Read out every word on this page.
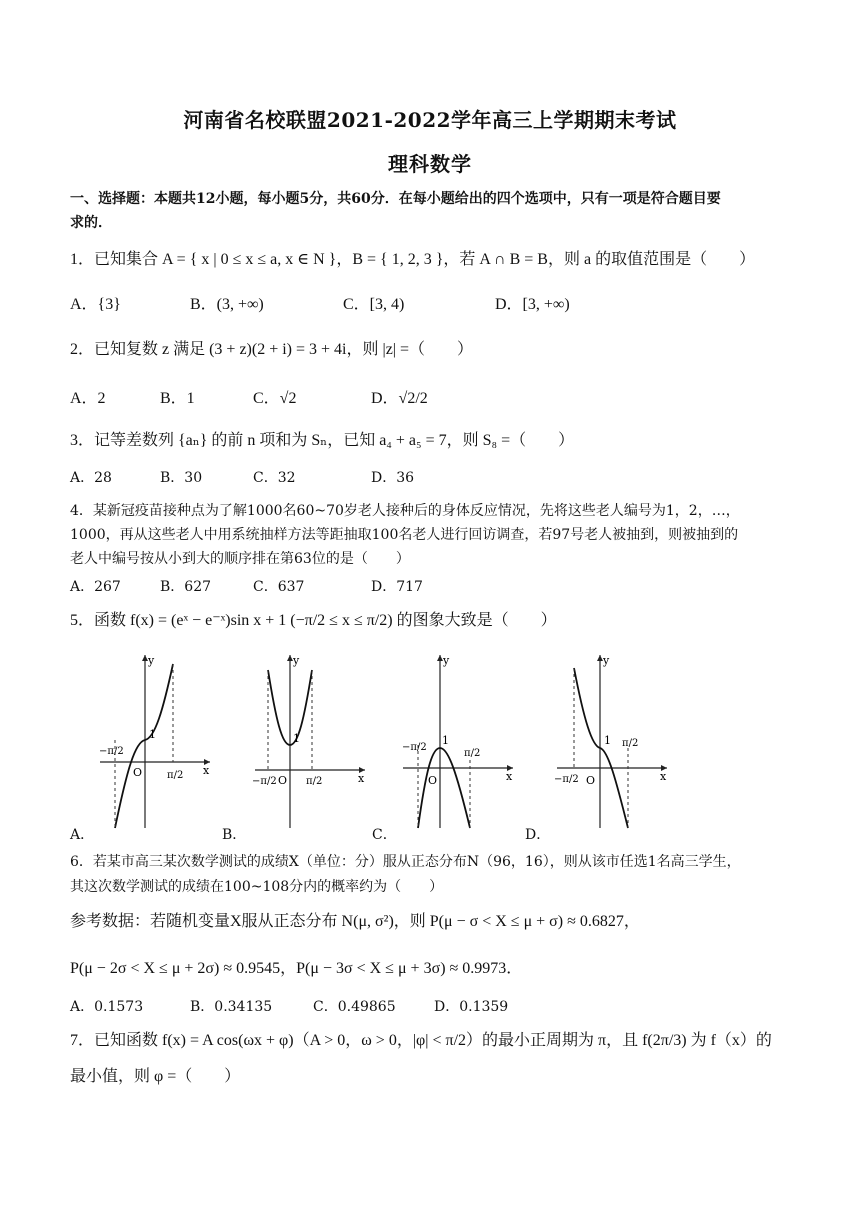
河南省名校联盟2021-2022学年高三上学期期末考试
理科数学
一、选择题：本题共12小题，每小题5分，共60分．在每小题给出的四个选项中，只有一项是符合题目要
求的．
1．已知集合 A = { x | 0 ≤ x ≤ a, x ∈ N }，B = { 1, 2, 3 }，若 A ∩ B = B，则 a 的取值范围是（　　）
A．{3}	B．(3, +∞)	C．[3, 4)	D．[3, +∞)
2．已知复数 z 满足 (3 + z)(2 + i) = 3 + 4i，则 |z| =（　　）
A．2	B．1	C．√2	D．√2/2
3．记等差数列 {aₙ} 的前 n 项和为 Sₙ，已知 a₄ + a₅ = 7，则 S₈ =（　　）
A．28	B．30	C．32	D．36
4．某新冠疫苗接种点为了解1000名60~70岁老人接种后的身体反应情况，先将这些老人编号为1，2，…，
1000，再从这些老人中用系统抽样方法等距抽取100名老人进行回访调查，若97号老人被抽到，则被抽到的
老人中编号按从小到大的顺序排在第63位的是（　　）
A．267	B．627	C．637	D．717
5．函数 f(x) = (eˣ − e⁻ˣ)sin x + 1 (−π/2 ≤ x ≤ π/2) 的图象大致是（　　）
y
x
O
1
−π/2
π/2
y
x
O
1
−π/2	π/2
y
x
O
1
−π/2
π/2
y
x
O
1
−π/2
π/2
A．	B．	C．	D．
6．若某市高三某次数学测试的成绩X（单位：分）服从正态分布N（96，16），则从该市任选1名高三学生，
其这次数学测试的成绩在100~108分内的概率约为（　　）
参考数据：若随机变量X服从正态分布 N(μ, σ²)，则 P(μ − σ < X ≤ μ + σ) ≈ 0.6827，
P(μ − 2σ < X ≤ μ + 2σ) ≈ 0.9545，P(μ − 3σ < X ≤ μ + 3σ) ≈ 0.9973．
A．0.1573	B．0.34135	C．0.49865	D．0.1359
7．已知函数 f(x) = A cos(ωx + φ)（A > 0，ω > 0，|φ| < π/2）的最小正周期为 π，且 f(2π/3) 为 f（x）的
最小值，则 φ =（　　）
